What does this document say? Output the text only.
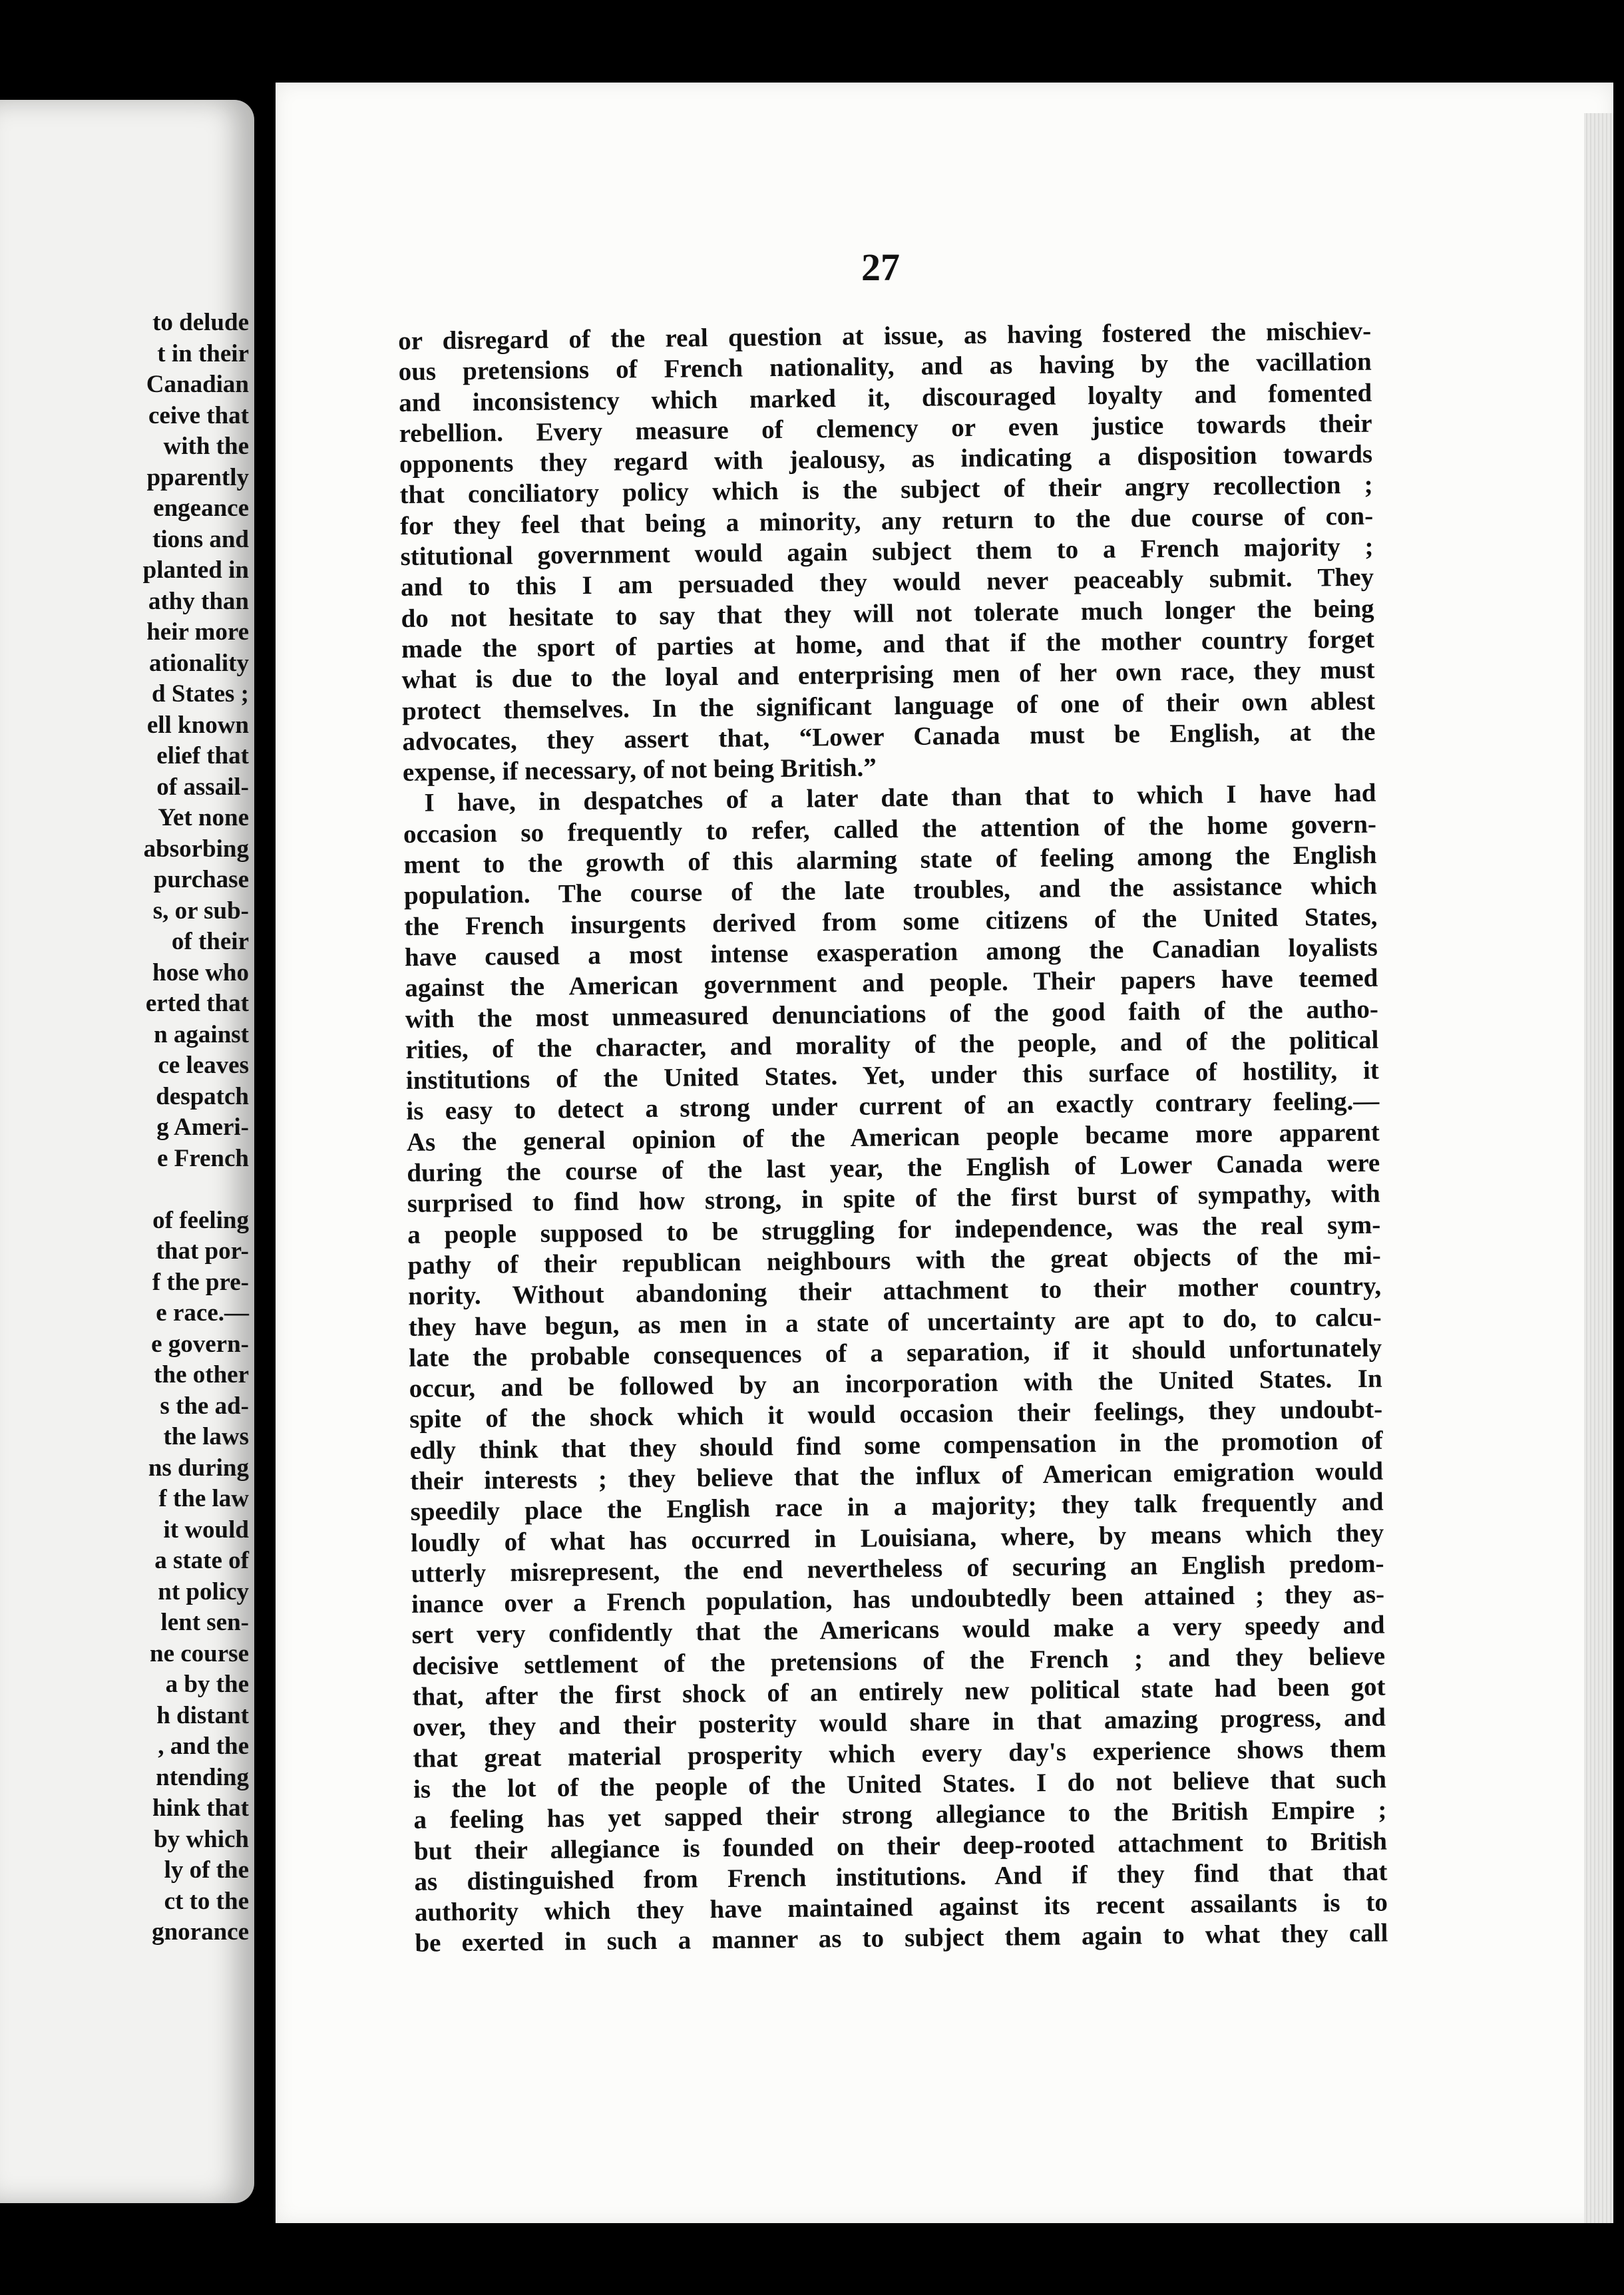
to delude
t in their
Canadian
ceive that
with the
pparently
engeance
tions and
planted in
athy than
heir more
ationality
d States ;
ell known
elief that
of assail-
Yet none
absorbing
purchase
s, or sub-
of their
hose who
erted that
n against
ce leaves
despatch
g Ameri-
e French
of feeling
that por-
f the pre-
e race.—
e govern-
the other
s the ad-
the laws
ns during
f the law
it would
a state of
nt policy
lent sen-
ne course
a by the
h distant
, and the
ntending
hink that
by which
ly of the
ct to the
gnorance
27
or disregard of the real question at issue, as having fostered the mischiev-
ous pretensions of French nationality, and as having by the vacillation
and inconsistency which marked it, discouraged loyalty and fomented
rebellion. Every measure of clemency or even justice towards their
opponents they regard with jealousy, as indicating a disposition towards
that conciliatory policy which is the subject of their angry recollection ;
for they feel that being a minority, any return to the due course of con-
stitutional government would again subject them to a French majority ;
and to this I am persuaded they would never peaceably submit. They
do not hesitate to say that they will not tolerate much longer the being
made the sport of parties at home, and that if the mother country forget
what is due to the loyal and enterprising men of her own race, they must
protect themselves. In the significant language of one of their own ablest
advocates, they assert that, “Lower Canada must be English, at the
expense, if necessary, of not being British.”
I have, in despatches of a later date than that to which I have had
occasion so frequently to refer, called the attention of the home govern-
ment to the growth of this alarming state of feeling among the English
population. The course of the late troubles, and the assistance which
the French insurgents derived from some citizens of the United States,
have caused a most intense exasperation among the Canadian loyalists
against the American government and people. Their papers have teemed
with the most unmeasured denunciations of the good faith of the autho-
rities, of the character, and morality of the people, and of the political
institutions of the United States. Yet, under this surface of hostility, it
is easy to detect a strong under current of an exactly contrary feeling.—
As the general opinion of the American people became more apparent
during the course of the last year, the English of Lower Canada were
surprised to find how strong, in spite of the first burst of sympathy, with
a people supposed to be struggling for independence, was the real sym-
pathy of their republican neighbours with the great objects of the mi-
nority. Without abandoning their attachment to their mother country,
they have begun, as men in a state of uncertainty are apt to do, to calcu-
late the probable consequences of a separation, if it should unfortunately
occur, and be followed by an incorporation with the United States. In
spite of the shock which it would occasion their feelings, they undoubt-
edly think that they should find some compensation in the promotion of
their interests ; they believe that the influx of American emigration would
speedily place the English race in a majority; they talk frequently and
loudly of what has occurred in Louisiana, where, by means which they
utterly misrepresent, the end nevertheless of securing an English predom-
inance over a French population, has undoubtedly been attained ; they as-
sert very confidently that the Americans would make a very speedy and
decisive settlement of the pretensions of the French ; and they believe
that, after the first shock of an entirely new political state had been got
over, they and their posterity would share in that amazing progress, and
that great material prosperity which every day's experience shows them
is the lot of the people of the United States. I do not believe that such
a feeling has yet sapped their strong allegiance to the British Empire ;
but their allegiance is founded on their deep-rooted attachment to British
as distinguished from French institutions. And if they find that that
authority which they have maintained against its recent assailants is to
be exerted in such a manner as to subject them again to what they call
